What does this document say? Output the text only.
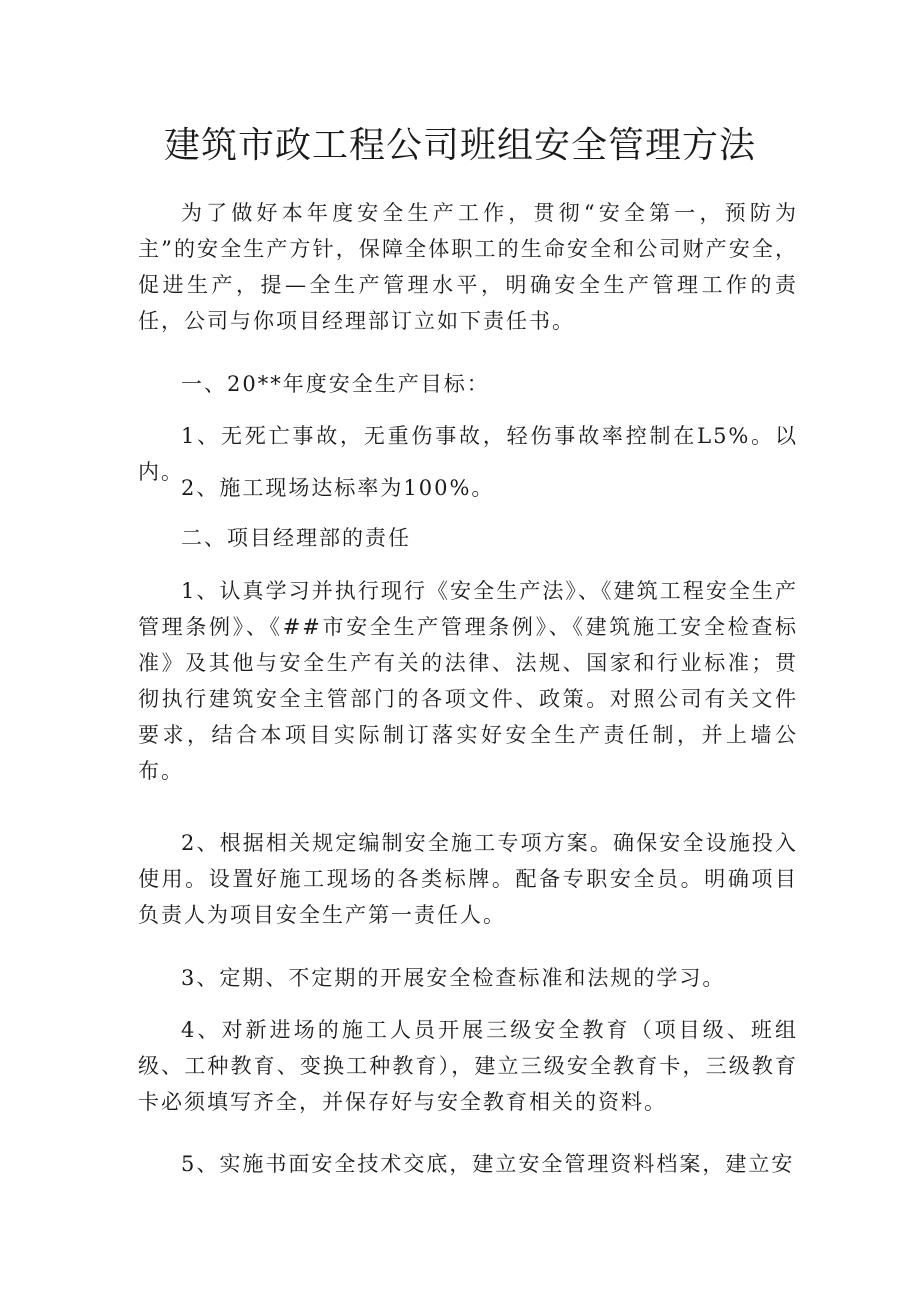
建筑市政工程公司班组安全管理方法

为了做好本年度安全生产工作，贯彻“安全第一，预防为主”的安全生产方针，保障全体职工的生命安全和公司财产安全，促进生产，提—全生产管理水平，明确安全生产管理工作的责任，公司与你项目经理部订立如下责任书。

一、20**年度安全生产目标：

1、无死亡事故，无重伤事故，轻伤事故率控制在L5%。以内。

2、施工现场达标率为100%。

二、项目经理部的责任

1、认真学习并执行现行《安全生产法》、《建筑工程安全生产管理条例》、《##市安全生产管理条例》、《建筑施工安全检查标准》及其他与安全生产有关的法律、法规、国家和行业标准；贯彻执行建筑安全主管部门的各项文件、政策。对照公司有关文件要求，结合本项目实际制订落实好安全生产责任制，并上墙公布。

2、根据相关规定编制安全施工专项方案。确保安全设施投入使用。设置好施工现场的各类标牌。配备专职安全员。明确项目负责人为项目安全生产第一责任人。

3、定期、不定期的开展安全检查标准和法规的学习。

4、对新进场的施工人员开展三级安全教育（项目级、班组级、工种教育、变换工种教育），建立三级安全教育卡，三级教育卡必须填写齐全，并保存好与安全教育相关的资料。

5、实施书面安全技术交底，建立安全管理资料档案，建立安
